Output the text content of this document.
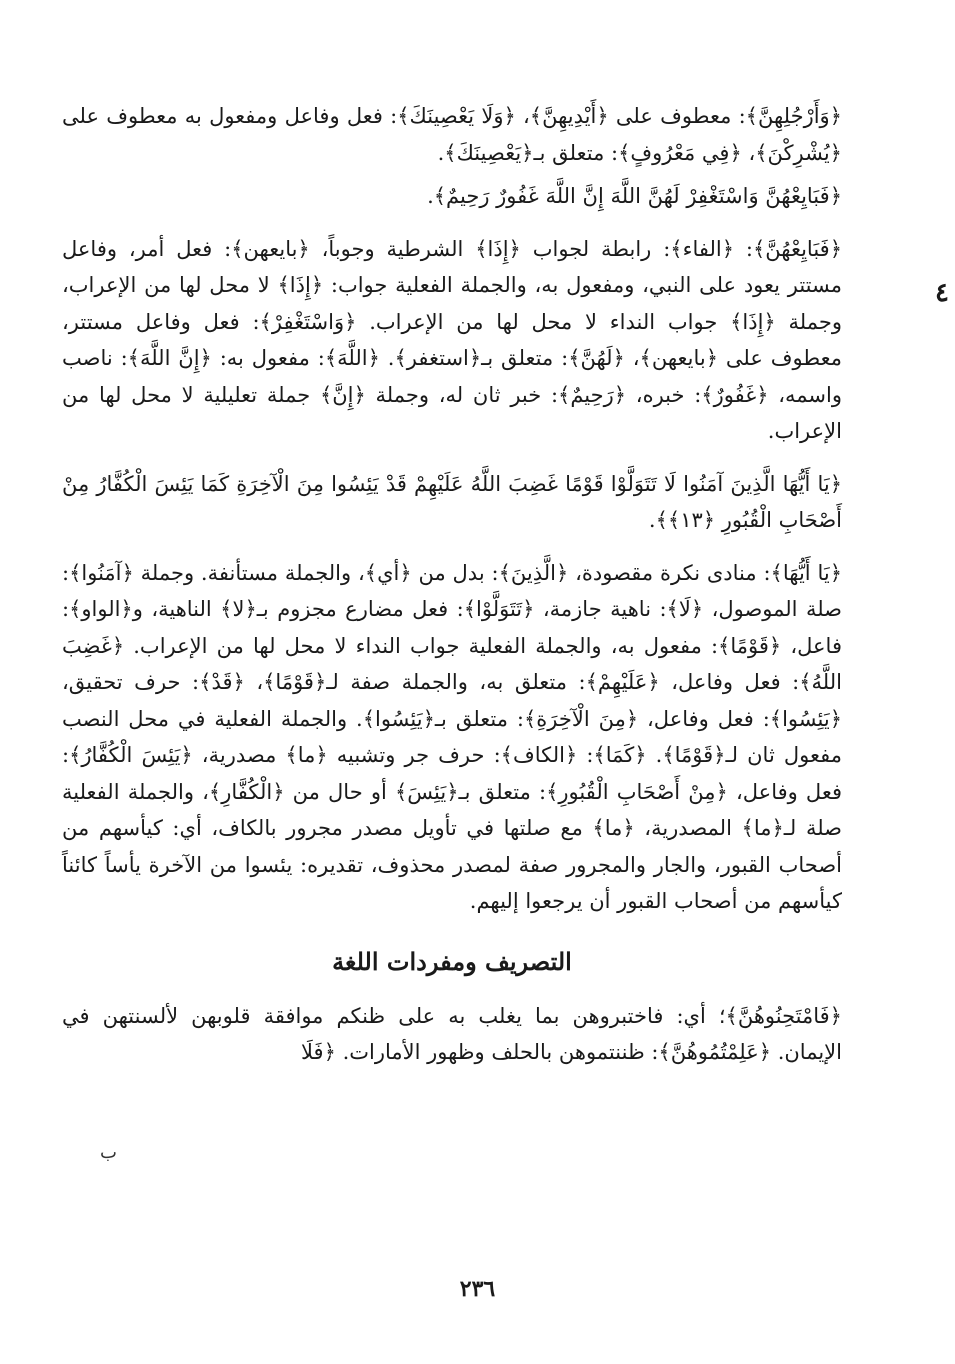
﴿وَأَرْجُلِهِنَّ﴾: معطوف على ﴿أَيْدِيهِنَّ﴾، ﴿وَلَا يَعْصِينَكَ﴾: فعل وفاعل ومفعول به معطوف على ﴿يُشْرِكْنَ﴾، ﴿فِي مَعْرُوفٍ﴾: متعلق بـ﴿يَعْصِينَكَ﴾.

﴿فَبَايِعْهُنَّ وَاسْتَغْفِرْ لَهُنَّ اللَّهَ إِنَّ اللَّهَ غَفُورٌ رَحِيمٌ﴾.

﴿فَبَايِعْهُنَّ﴾: ﴿الفاء﴾: رابطة لجواب ﴿إِذَا﴾ الشرطية وجوباً، ﴿بايعهن﴾: فعل أمر، وفاعل مستتر يعود على النبي، ومفعول به، والجملة الفعلية جواب: ﴿إِذَا﴾ لا محل لها من الإعراب، وجملة ﴿إِذَا﴾ جواب النداء لا محل لها من الإعراب. ﴿وَاسْتَغْفِرْ﴾: فعل وفاعل مستتر، معطوف على ﴿بايعهن﴾، ﴿لَهُنَّ﴾: متعلق بـ﴿استغفر﴾. ﴿اللَّهَ﴾: مفعول به: ﴿إِنَّ اللَّهَ﴾: ناصب واسمه، ﴿غَفُورٌ﴾: خبره، ﴿رَحِيمٌ﴾: خبر ثان له، وجملة ﴿إِنَّ﴾ جملة تعليلية لا محل لها من الإعراب.

﴿يَا أَيُّهَا الَّذِينَ آمَنُوا لَا تَتَوَلَّوْا قَوْمًا غَضِبَ اللَّهُ عَلَيْهِمْ قَدْ يَئِسُوا مِنَ الْآخِرَةِ كَمَا يَئِسَ الْكُفَّارُ مِنْ أَصْحَابِ الْقُبُورِ ﴿١٣﴾﴾.

﴿يَا أَيُّهَا﴾: منادى نكرة مقصودة، ﴿الَّذِينَ﴾: بدل من ﴿أي﴾، والجملة مستأنفة. وجملة ﴿آمَنُوا﴾: صلة الموصول، ﴿لَا﴾: ناهية جازمة، ﴿تَتَوَلَّوْا﴾: فعل مضارع مجزوم بـ﴿لا﴾ الناهية، و﴿الواو﴾: فاعل، ﴿قَوْمًا﴾: مفعول به، والجملة الفعلية جواب النداء لا محل لها من الإعراب. ﴿غَضِبَ اللَّهُ﴾: فعل وفاعل، ﴿عَلَيْهِمْ﴾: متعلق به، والجملة صفة لـ﴿قَوْمًا﴾، ﴿قَدْ﴾: حرف تحقيق، ﴿يَئِسُوا﴾: فعل وفاعل، ﴿مِنَ الْآخِرَةِ﴾: متعلق بـ﴿يَئِسُوا﴾. والجملة الفعلية في محل النصب مفعول ثان لـ﴿قَوْمًا﴾. ﴿كَمَا﴾: ﴿الكاف﴾: حرف جر وتشبيه ﴿ما﴾ مصدرية، ﴿يَئِسَ الْكُفَّارُ﴾: فعل وفاعل، ﴿مِنْ أَصْحَابِ الْقُبُورِ﴾: متعلق بـ﴿يَئِسَ﴾ أو حال من ﴿الْكُفَّارِ﴾، والجملة الفعلية صلة لـ﴿ما﴾ المصدرية، ﴿ما﴾ مع صلتها في تأويل مصدر مجرور بالكاف، أي: كيأسهم من أصحاب القبور، والجار والمجرور صفة لمصدر محذوف، تقديره: يئسوا من الآخرة يأساً كائناً كيأسهم من أصحاب القبور أن يرجعوا إليهم.

التصريف ومفردات اللغة

﴿فَامْتَحِنُوهُنَّ﴾؛ أي: فاختبروهن بما يغلب به على ظنكم موافقة قلوبهن لألسنتهن في الإيمان. ﴿عَلِمْتُمُوهُنَّ﴾: ظننتموهن بالحلف وظهور الأمارات. ﴿فَلَا

ب
٤
٢٣٦
